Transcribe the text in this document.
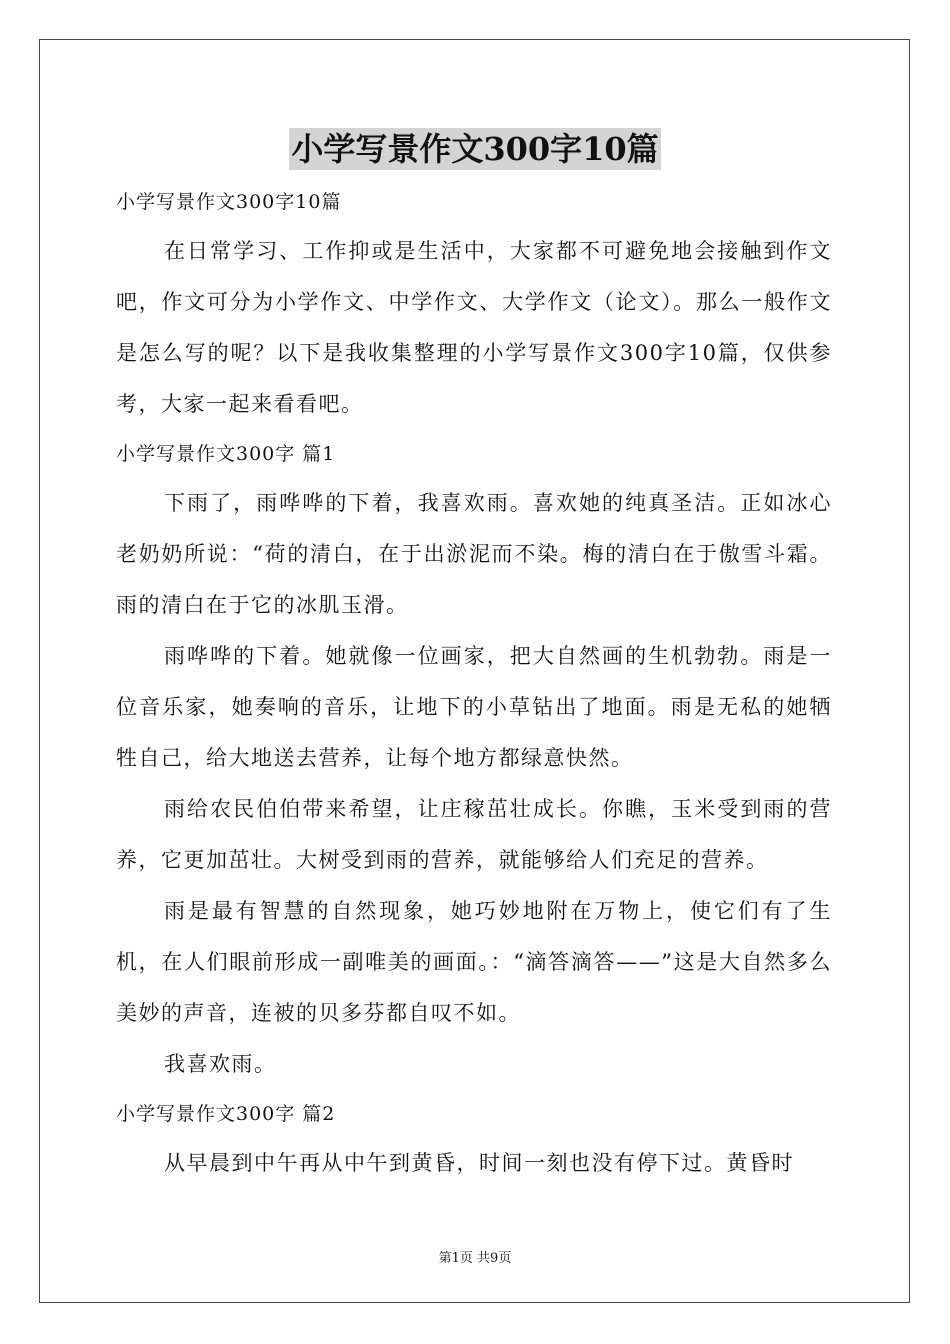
小学写景作文300字10篇

小学写景作文300字10篇

在日常学习、工作抑或是生活中，大家都不可避免地会接触到作文吧，作文可分为小学作文、中学作文、大学作文（论文）。那么一般作文是怎么写的呢？以下是我收集整理的小学写景作文300字10篇，仅供参考，大家一起来看看吧。

小学写景作文300字 篇1

下雨了，雨哗哗的下着，我喜欢雨。喜欢她的纯真圣洁。正如冰心老奶奶所说：“荷的清白，在于出淤泥而不染。梅的清白在于傲雪斗霜。雨的清白在于它的冰肌玉滑。

雨哗哗的下着。她就像一位画家，把大自然画的生机勃勃。雨是一位音乐家，她奏响的音乐，让地下的小草钻出了地面。雨是无私的她牺牲自己，给大地送去营养，让每个地方都绿意快然。

雨给农民伯伯带来希望，让庄稼茁壮成长。你瞧，玉米受到雨的营养，它更加茁壮。大树受到雨的营养，就能够给人们充足的营养。

雨是最有智慧的自然现象，她巧妙地附在万物上，使它们有了生机，在人们眼前形成一副唯美的画面。：“滴答滴答——”这是大自然多么美妙的声音，连被的贝多芬都自叹不如。

我喜欢雨。

小学写景作文300字 篇2

从早晨到中午再从中午到黄昏，时间一刻也没有停下过。黄昏时

第1页 共9页
